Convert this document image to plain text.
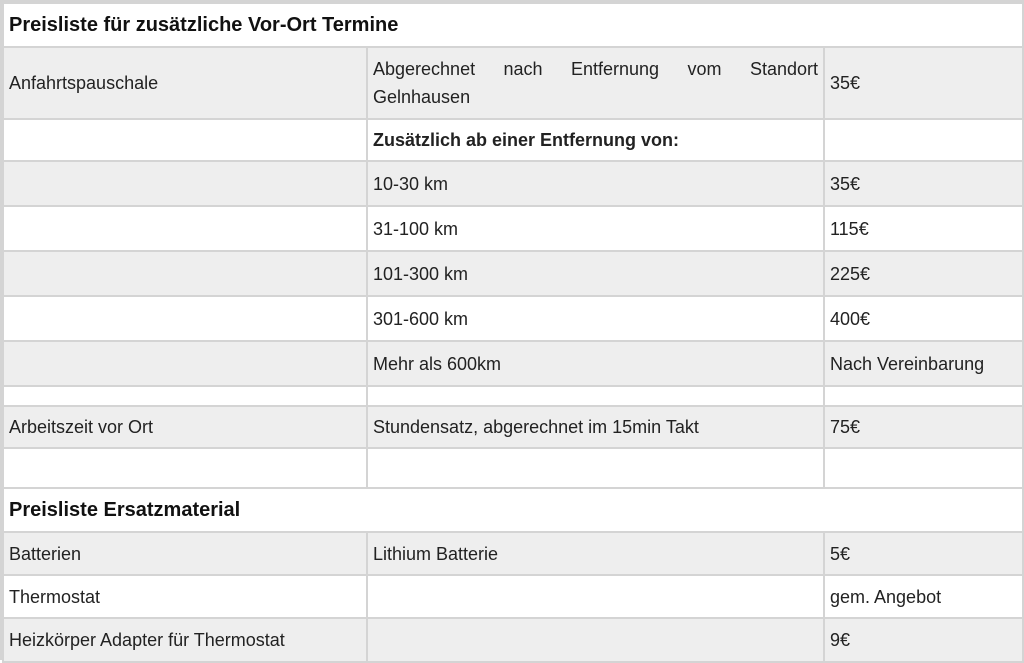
Preisliste für zusätzliche Vor-Ort Termine		
Anfahrtspauschale	Abgerechnet nach Entfernung vom Standort Gelnhausen	35€
	Zusätzlich ab einer Entfernung von:	
	10-30 km	35€
	31-100 km	115€
	101-300 km	225€
	301-600 km	400€
	Mehr als 600km	Nach Vereinbarung

Arbeitszeit vor Ort	Stundensatz, abgerechnet im 15min Takt	75€

Preisliste Ersatzmaterial		
Batterien	Lithium Batterie	5€
Thermostat		gem. Angebot
Heizkörper Adapter für Thermostat		9€
